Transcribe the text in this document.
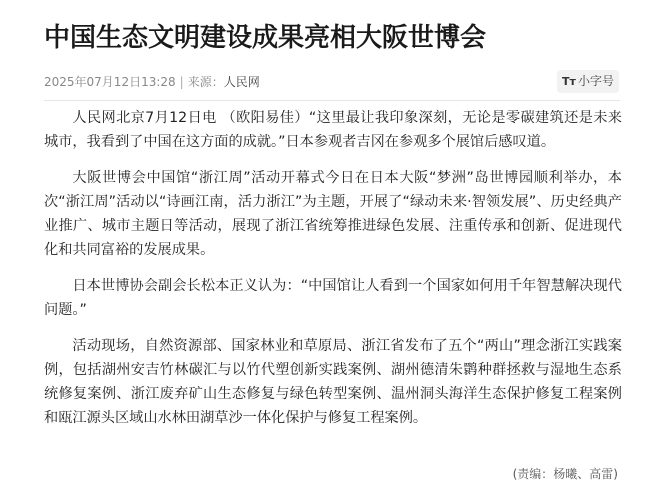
中国生态文明建设成果亮相大阪世博会
2025年07月12日13:28 | 来源：人民网	Tт 小字号

人民网北京7月12日电 （欧阳易佳）“这里最让我印象深刻，无论是零碳建筑还是未来城市，我看到了中国在这方面的成就。”日本参观者吉冈在参观多个展馆后感叹道。

大阪世博会中国馆“浙江周”活动开幕式今日在日本大阪“梦洲”岛世博园顺利举办，本次“浙江周”活动以“诗画江南，活力浙江”为主题，开展了“绿动未来·智领发展”、历史经典产业推广、城市主题日等活动，展现了浙江省统筹推进绿色发展、注重传承和创新、促进现代化和共同富裕的发展成果。

日本世博协会副会长松本正义认为：“中国馆让人看到一个国家如何用千年智慧解决现代问题。”

活动现场，自然资源部、国家林业和草原局、浙江省发布了五个“两山”理念浙江实践案例，包括湖州安吉竹林碳汇与以竹代塑创新实践案例、湖州德清朱鹮种群拯救与湿地生态系统修复案例、浙江废弃矿山生态修复与绿色转型案例、温州洞头海洋生态保护修复工程案例和瓯江源头区域山水林田湖草沙一体化保护与修复工程案例。

(责编：杨曦、高雷)
